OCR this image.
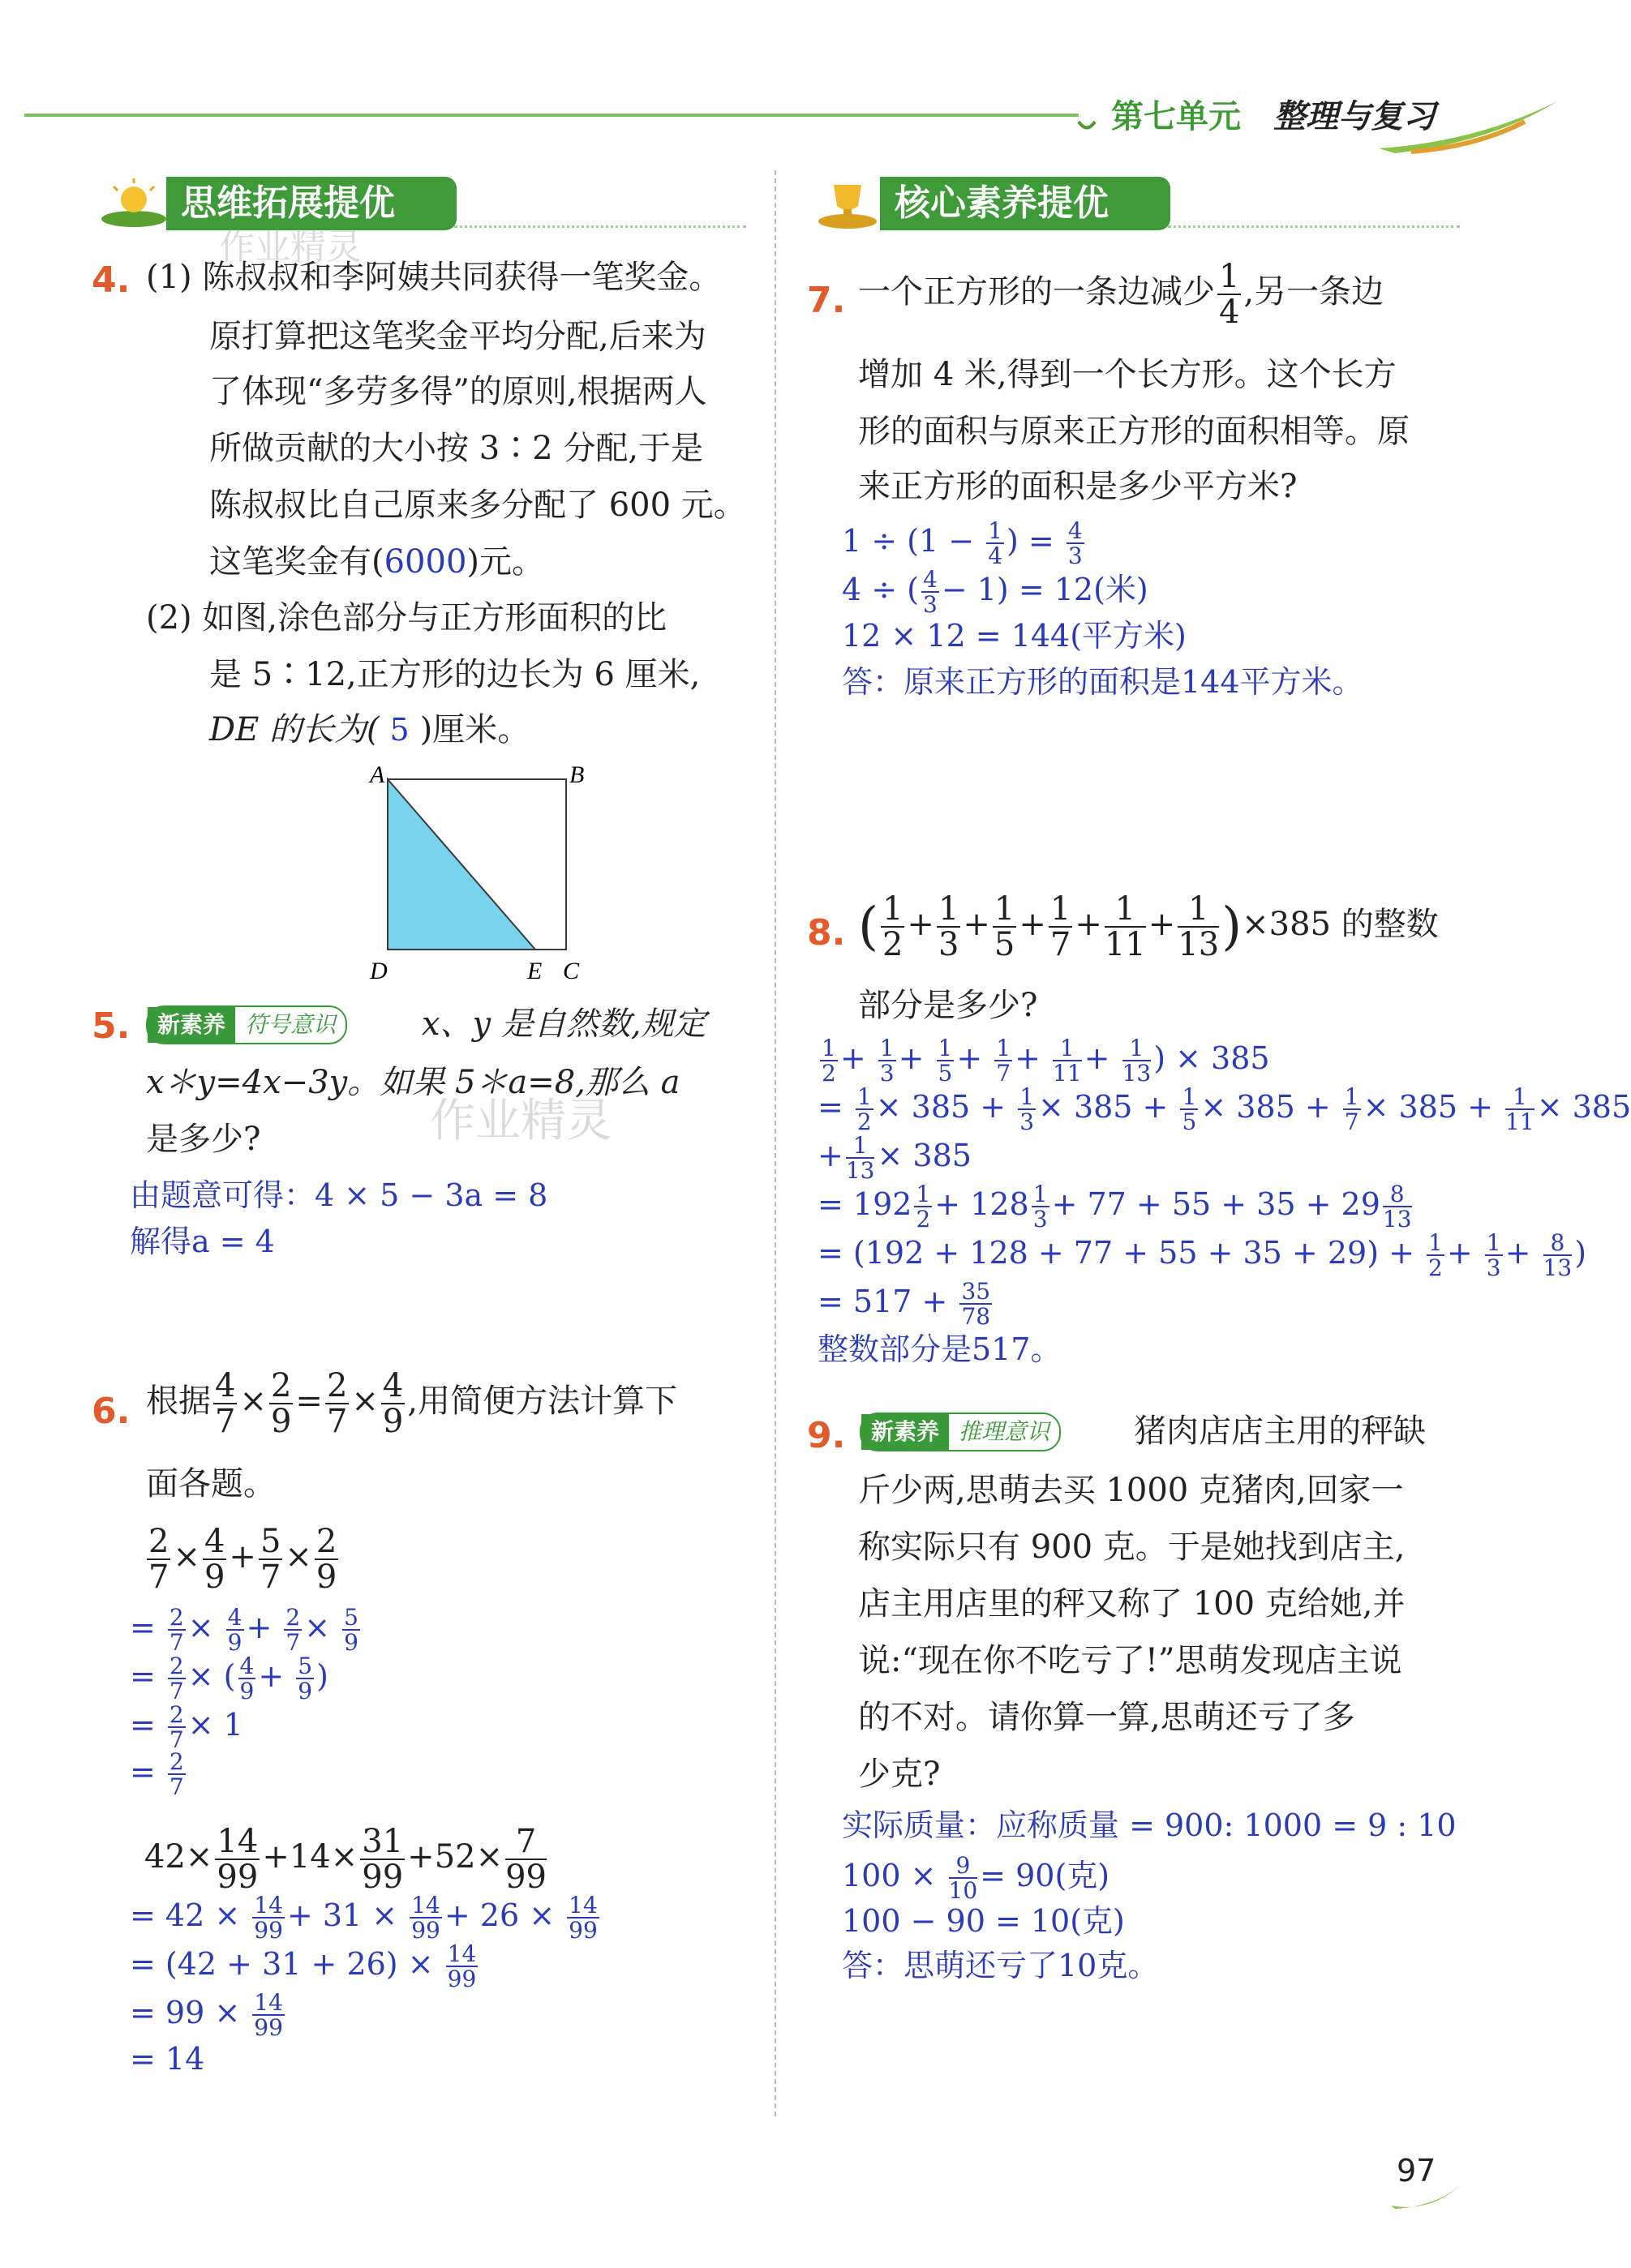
第七单元 整理与复习
思维拓展提优	核心素养提优
作业精灵
作业精灵
4. (1) 陈叔叔和李阿姨共同获得一笔奖金。
原打算把这笔奖金平均分配,后来为
了体现“多劳多得”的原则,根据两人
所做贡献的大小按 3∶2 分配,于是
陈叔叔比自己原来多分配了 600 元。
这笔奖金有(6000)元。
(2) 如图,涂色部分与正方形面积的比
是 5∶12,正方形的边长为 6 厘米,
DE 的长为( 5 )厘米。
A	B
D	E C
5.	新素养 符号意识	x、y 是自然数,规定
x＊y=4x−3y。如果 5＊a=8,那么 a
是多少?
由题意可得：4 × 5 − 3a = 8
解得a = 4
6. 根据 $\frac{4}{7} \times \frac{2}{9} = \frac{2}{7} \times \frac{4}{9}$ ,用简便方法计算下
面各题。
$\frac{2}{7} \times \frac{4}{9} + \frac{5}{7} \times \frac{2}{9}$
= $\frac{2}{7} \times \frac{4}{9} + \frac{2}{7} \times \frac{5}{9}$
= $\frac{2}{7}$ × ( $\frac{4}{9} + \frac{5}{9}$ )
= $\frac{2}{7} \times 1$
= $\frac{2}{7}$
$42\times \frac{14}{99} +14\times \frac{31}{99} +52\times \frac{7}{99}$
= $42 \times \frac{14}{99} + 31 \times \frac{14}{99} + 26 \times \frac{14}{99}$
= $(42 + 31 + 26) \times \frac{14}{99}$
= $99 \times \frac{14}{99}$
= 14
7. 一个正方形的一条边减少 $\frac{1}{4}$ ,另一条边
增加 4 米,得到一个长方形。这个长方
形的面积与原来正方形的面积相等。原
来正方形的面积是多少平方米?
$1 \div (1 - \frac{1}{4}$ ) = $\frac{4}{3}$
4 ÷ ( $\frac{4}{3} - 1) = 12$(米)
12 × 12 = 144(平方米)
答：原来正方形的面积是144平方米。
8. ( $\frac{1}{2} + \frac{1}{3} + \frac{1}{5} + \frac{1}{7} + \frac{1}{11} + \frac{1}{13} )\times 385$ 的整数
部分是多少?
$\frac{1}{2} + \frac{1}{3} + \frac{1}{5} + \frac{1}{7} + \frac{1}{11} + \frac{1}{13}$ ) × 385
= $\frac{1}{2} \times 385 + \frac{1}{3} \times 385 + \frac{1}{5} \times 385 + \frac{1}{7} \times 385 + \frac{1}{11} \times 385$
+ $\frac{1}{13} \times 385$
= $192 \frac{1}{2} + 128 \frac{1}{3} + 77 + 55 + 35 + 29 \frac{8}{13}$
= $(192 + 128 + 77 + 55 + 35 + 29) + \frac{1}{2} + \frac{1}{3} + \frac{8}{13}$ )
= $517 + \frac{35}{78}$
整数部分是517。
9.	新素养 推理意识	猪肉店店主用的秤缺
斤少两,思萌去买 1000 克猪肉,回家一
称实际只有 900 克。于是她找到店主,
店主用店里的秤又称了 100 克给她,并
说:“现在你不吃亏了!”思萌发现店主说
的不对。请你算一算,思萌还亏了多
少克?
实际质量：应称质量 = 900: 1000 = 9 : 10
$100 \times \frac{9}{10} = 90$(克)
100 − 90 = 10(克)
答：思萌还亏了10克。
97
